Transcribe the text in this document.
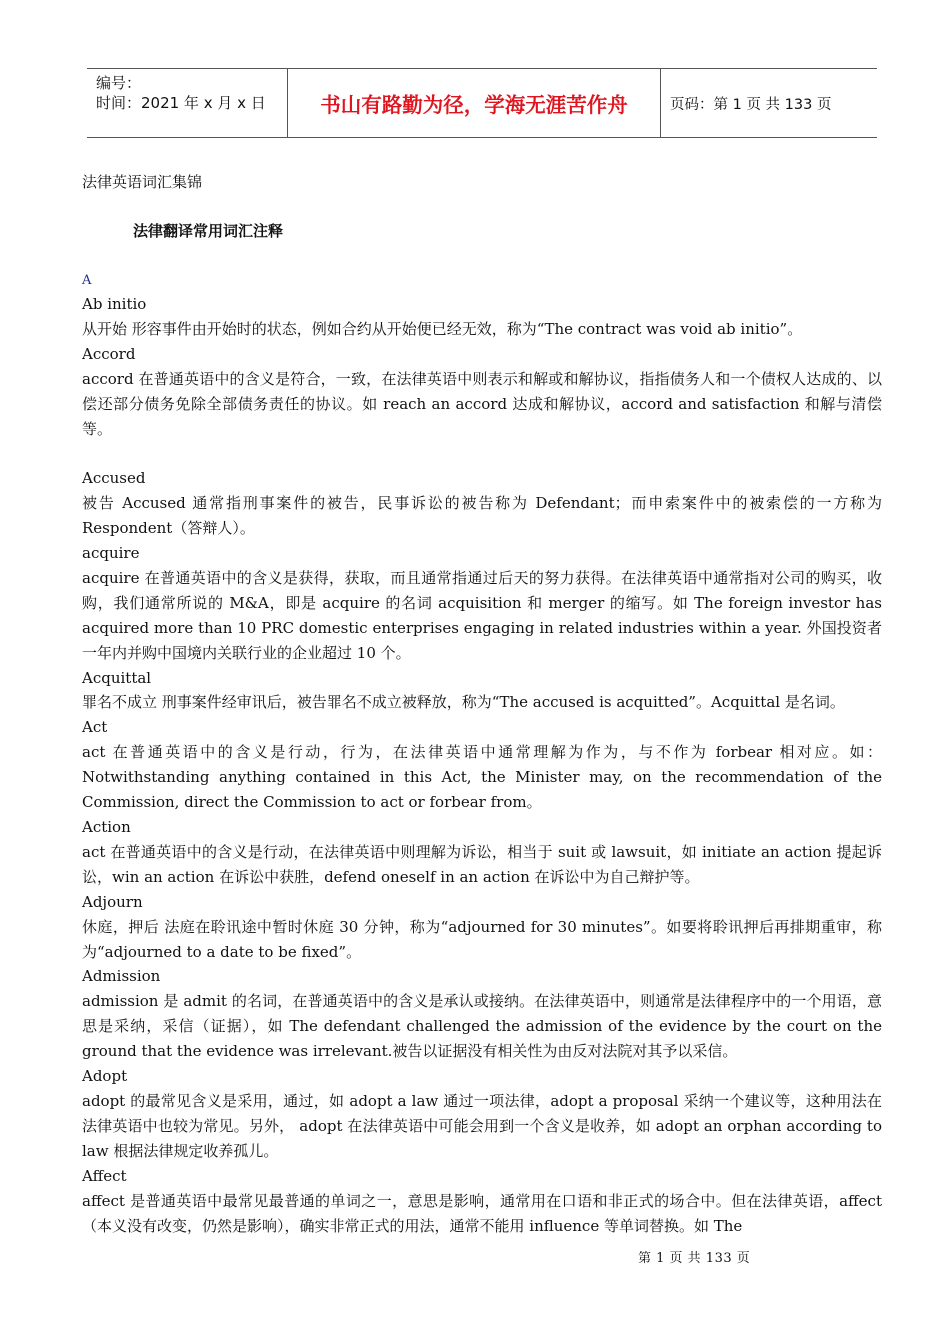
编号：
时间：2021 年 x 月 x 日	书山有路勤为径，学海无涯苦作舟	页码：第 1 页 共 133 页
法律英语词汇集锦
法律翻译常用词汇注释
A

Ab initio

从开始 形容事件由开始时的状态，例如合约从开始便已经无效，称为“The contract was void ab initio”。

Accord

accord 在普通英语中的含义是符合，一致，在法律英语中则表示和解或和解协议，指指债务人和一个债权人达成的、以偿还部分债务免除全部债务责任的协议。如 reach an accord 达成和解协议，accord and satisfaction 和解与清偿等。

Accused

被告 Accused 通常指刑事案件的被告，民事诉讼的被告称为 Defendant；而申索案件中的被索偿的一方称为 Respondent（答辩人）。

acquire

acquire 在普通英语中的含义是获得，获取，而且通常指通过后天的努力获得。在法律英语中通常指对公司的购买，收购，我们通常所说的 M&A，即是 acquire 的名词 acquisition 和 merger 的缩写。如 The foreign investor has acquired more than 10 PRC domestic enterprises engaging in related industries within a year. 外国投资者一年内并购中国境内关联行业的企业超过 10 个。

Acquittal

罪名不成立 刑事案件经审讯后，被告罪名不成立被释放，称为“The accused is acquitted”。Acquittal 是名词。

Act

act 在普通英语中的含义是行动，行为，在法律英语中通常理解为作为，与不作为 forbear 相对应。如：Notwithstanding anything contained in this Act, the Minister may, on the recommendation of the Commission, direct the Commission to act or forbear from。

Action

act 在普通英语中的含义是行动，在法律英语中则理解为诉讼，相当于 suit 或 lawsuit，如 initiate an action 提起诉讼，win an action 在诉讼中获胜，defend oneself in an action 在诉讼中为自己辩护等。

Adjourn

休庭，押后 法庭在聆讯途中暂时休庭 30 分钟，称为“adjourned for 30 minutes”。如要将聆讯押后再排期重审，称为“adjourned to a date to be fixed”。

Admission

admission 是 admit 的名词，在普通英语中的含义是承认或接纳。在法律英语中，则通常是法律程序中的一个用语，意思是采纳，采信（证据），如 The defendant challenged the admission of the evidence by the court on the ground that the evidence was irrelevant.被告以证据没有相关性为由反对法院对其予以采信。

Adopt

adopt 的最常见含义是采用，通过，如 adopt a law 通过一项法律，adopt a proposal 采纳一个建议等，这种用法在法律英语中也较为常见。另外， adopt 在法律英语中可能会用到一个含义是收养，如 adopt an orphan according to law 根据法律规定收养孤儿。

Affect

affect 是普通英语中最常见最普通的单词之一，意思是影响，通常用在口语和非正式的场合中。但在法律英语，affect（本义没有改变，仍然是影响），确实非常正式的用法，通常不能用 influence 等单词替换。如 The

第 1 页 共 133 页
